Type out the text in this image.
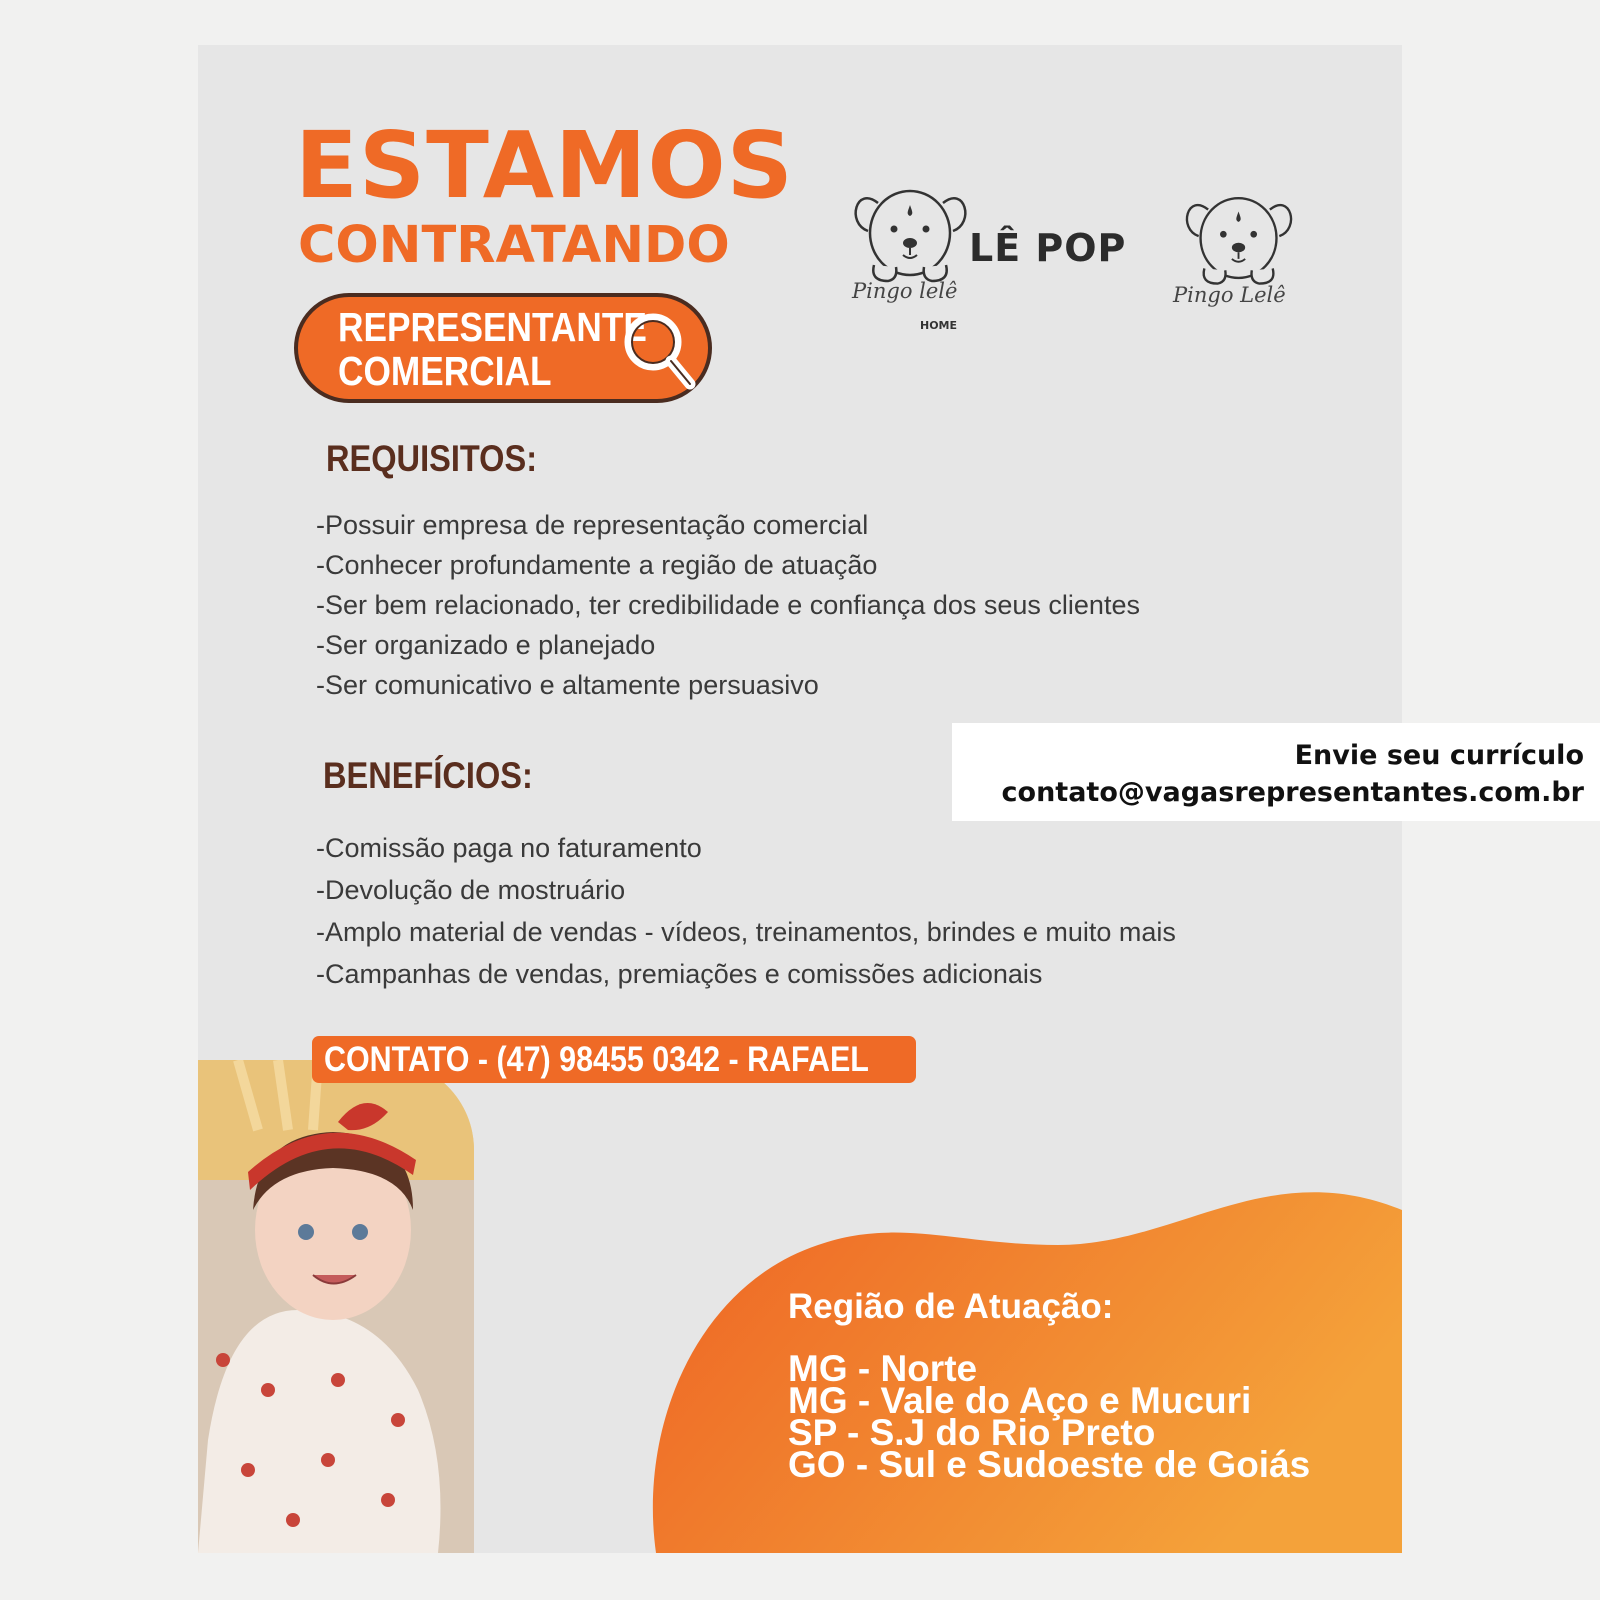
ESTAMOS
CONTRATANDO
REPRESENTANTE
COMERCIAL
Pingo lelê
HOME
LÊ POP
Pingo Lelê
REQUISITOS:
-Possuir empresa de representação comercial
-Conhecer profundamente a região de atuação
-Ser bem relacionado, ter credibilidade e confiança dos seus clientes
-Ser organizado e planejado
-Ser comunicativo e altamente persuasivo
BENEFÍCIOS:
-Comissão paga no faturamento
-Devolução de mostruário
-Amplo material de vendas - vídeos, treinamentos, brindes e muito mais
-Campanhas de vendas, premiações e comissões adicionais
CONTATO - (47) 98455 0342 - RAFAEL
Região de Atuação:
MG - Norte
MG - Vale do Aço e Mucuri
SP - S.J do Rio Preto
GO - Sul e Sudoeste de Goiás
Envie seu currículo
contato@vagasrepresentantes.com.br
